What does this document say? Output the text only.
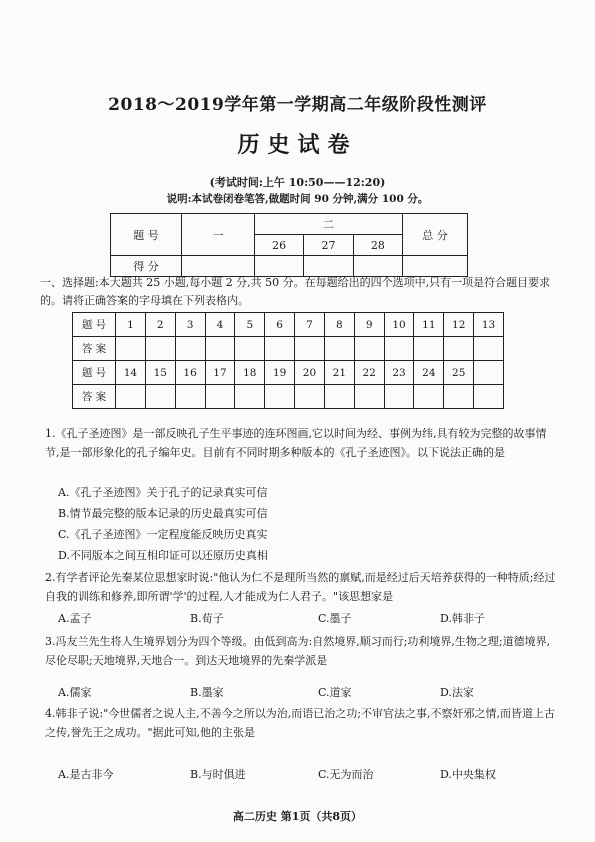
2018～2019学年第一学期高二年级阶段性测评
历史试卷
(考试时间:上午 10:50——12:20)
说明:本试卷闭卷笔答,做题时间 90 分钟,满分 100 分。
题 号	一	二			总 分
		26	27	28	
得 分					
一、选择题:本大题共 25 小题,每小题 2 分,共 50 分。在每题给出的四个选项中,只有一项是符合题目要求的。请将正确答案的字母填在下列表格内。
题 号	1	2	3	4	5	6	7	8	9	10	11	12	13
答 案													
题 号	14	15	16	17	18	19	20	21	22	23	24	25	
答 案													

1.《孔子圣迹图》是一部反映孔子生平事迹的连环图画,它以时间为经、事例为纬,具有较为完整的故事情节,是一部形象化的孔子编年史。目前有不同时期多种版本的《孔子圣迹图》。以下说法正确的是

A.《孔子圣迹图》关于孔子的记录真实可信
B.情节最完整的版本记录的历史最真实可信
C.《孔子圣迹图》一定程度能反映历史真实
D.不同版本之间互相印证可以还原历史真相

2.有学者评论先秦某位思想家时说:"他认为仁不是理所当然的禀赋,而是经过后天培养获得的一种特质;经过自我的训练和修养,即所谓'学'的过程,人才能成为仁人君子。"该思想家是

A.孟子	B.荀子	C.墨子	D.韩非子

3.冯友兰先生将人生境界划分为四个等级。由低到高为:自然境界,顺习而行;功利境界,生物之理;道德境界,尽伦尽职;天地境界,天地合一。到达天地境界的先秦学派是

A.儒家	B.墨家	C.道家	D.法家

4.韩非子说:"今世儒者之说人主,不善今之所以为治,而语已治之功;不审官法之事,不察奸邪之情,而皆道上古之传,誉先王之成功。"据此可知,他的主张是

A.是古非今	B.与时俱进	C.无为而治	D.中央集权
高二历史 第1页（共8页）
